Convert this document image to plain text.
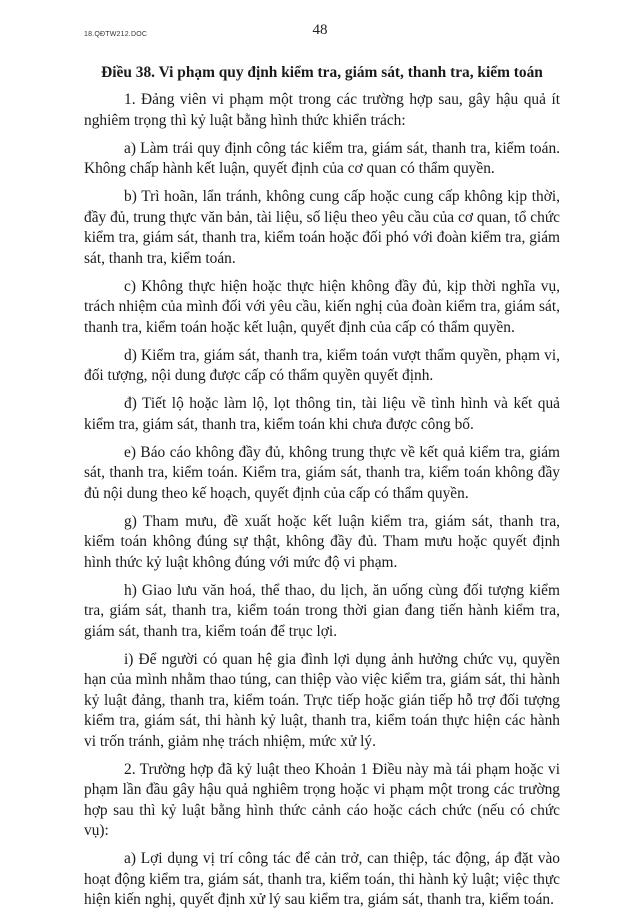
18.QĐTW212.DOC	48
Điều 38. Vi phạm quy định kiểm tra, giám sát, thanh tra, kiểm toán

1. Đảng viên vi phạm một trong các trường hợp sau, gây hậu quả ít nghiêm trọng thì kỷ luật bằng hình thức khiển trách:

a) Làm trái quy định công tác kiểm tra, giám sát, thanh tra, kiểm toán. Không chấp hành kết luận, quyết định của cơ quan có thẩm quyền.

b) Trì hoãn, lẩn tránh, không cung cấp hoặc cung cấp không kịp thời, đầy đủ, trung thực văn bản, tài liệu, số liệu theo yêu cầu của cơ quan, tổ chức kiểm tra, giám sát, thanh tra, kiểm toán hoặc đối phó với đoàn kiểm tra, giám sát, thanh tra, kiểm toán.

c) Không thực hiện hoặc thực hiện không đầy đủ, kịp thời nghĩa vụ, trách nhiệm của mình đối với yêu cầu, kiến nghị của đoàn kiểm tra, giám sát, thanh tra, kiểm toán hoặc kết luận, quyết định của cấp có thẩm quyền.

d) Kiểm tra, giám sát, thanh tra, kiểm toán vượt thẩm quyền, phạm vi, đối tượng, nội dung được cấp có thẩm quyền quyết định.

đ) Tiết lộ hoặc làm lộ, lọt thông tin, tài liệu về tình hình và kết quả kiểm tra, giám sát, thanh tra, kiểm toán khi chưa được công bố.

e) Báo cáo không đầy đủ, không trung thực về kết quả kiểm tra, giám sát, thanh tra, kiểm toán. Kiểm tra, giám sát, thanh tra, kiểm toán không đầy đủ nội dung theo kế hoạch, quyết định của cấp có thẩm quyền.

g) Tham mưu, đề xuất hoặc kết luận kiểm tra, giám sát, thanh tra, kiểm toán không đúng sự thật, không đầy đủ. Tham mưu hoặc quyết định hình thức kỷ luật không đúng với mức độ vi phạm.

h) Giao lưu văn hoá, thể thao, du lịch, ăn uống cùng đối tượng kiểm tra, giám sát, thanh tra, kiểm toán trong thời gian đang tiến hành kiểm tra, giám sát, thanh tra, kiểm toán để trục lợi.

i) Để người có quan hệ gia đình lợi dụng ảnh hưởng chức vụ, quyền hạn của mình nhằm thao túng, can thiệp vào việc kiểm tra, giám sát, thi hành kỷ luật đảng, thanh tra, kiểm toán. Trực tiếp hoặc gián tiếp hỗ trợ đối tượng kiểm tra, giám sát, thi hành kỷ luật, thanh tra, kiểm toán thực hiện các hành vi trốn tránh, giảm nhẹ trách nhiệm, mức xử lý.

2. Trường hợp đã kỷ luật theo Khoản 1 Điều này mà tái phạm hoặc vi phạm lần đầu gây hậu quả nghiêm trọng hoặc vi phạm một trong các trường hợp sau thì kỷ luật bằng hình thức cảnh cáo hoặc cách chức (nếu có chức vụ):

a) Lợi dụng vị trí công tác để cản trở, can thiệp, tác động, áp đặt vào hoạt động kiểm tra, giám sát, thanh tra, kiểm toán, thi hành kỷ luật; việc thực hiện kiến nghị, quyết định xử lý sau kiểm tra, giám sát, thanh tra, kiểm toán.
